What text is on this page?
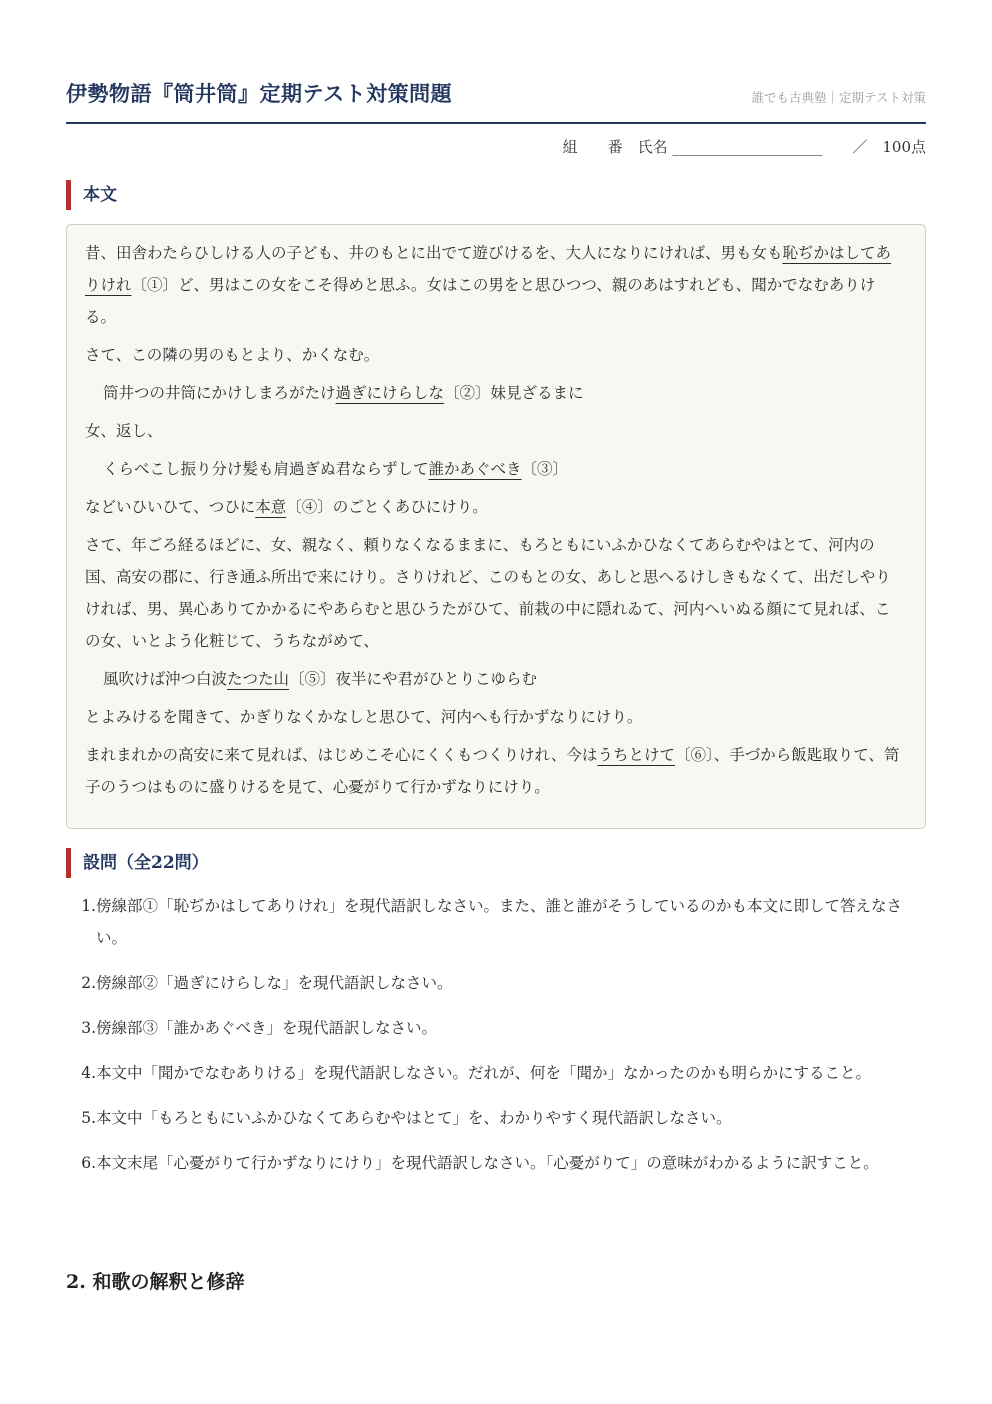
伊勢物語『筒井筒』定期テスト対策問題	誰でも古典塾｜定期テスト対策
組　　番　氏名 ____________________　　／　100点
本文

昔、田舎わたらひしける人の子ども、井のもとに出でて遊びけるを、大人になりにければ、男も女も恥ぢかはしてありけれ〔①〕ど、男はこの女をこそ得めと思ふ。女はこの男をと思ひつつ、親のあはすれども、聞かでなむありける。

さて、この隣の男のもとより、かくなむ。

筒井つの井筒にかけしまろがたけ過ぎにけらしな〔②〕妹見ざるまに

女、返し、

くらべこし振り分け髪も肩過ぎぬ君ならずして誰かあぐべき〔③〕

などいひいひて、つひに本意〔④〕のごとくあひにけり。

さて、年ごろ経るほどに、女、親なく、頼りなくなるままに、もろともにいふかひなくてあらむやはとて、河内の国、高安の郡に、行き通ふ所出で来にけり。さりけれど、このもとの女、あしと思へるけしきもなくて、出だしやりければ、男、異心ありてかかるにやあらむと思ひうたがひて、前栽の中に隠れゐて、河内へいぬる顔にて見れば、この女、いとよう化粧じて、うちながめて、

風吹けば沖つ白波たつた山〔⑤〕夜半にや君がひとりこゆらむ

とよみけるを聞きて、かぎりなくかなしと思ひて、河内へも行かずなりにけり。

まれまれかの高安に来て見れば、はじめこそ心にくくもつくりけれ、今はうちとけて〔⑥〕、手づから飯匙取りて、笥子のうつはものに盛りけるを見て、心憂がりて行かずなりにけり。

設問（全22問）
1. 傍線部①「恥ぢかはしてありけれ」を現代語訳しなさい。また、誰と誰がそうしているのかも本文に即して答えなさい。
2. 傍線部②「過ぎにけらしな」を現代語訳しなさい。
3. 傍線部③「誰かあぐべき」を現代語訳しなさい。
4. 本文中「聞かでなむありける」を現代語訳しなさい。だれが、何を「聞か」なかったのかも明らかにすること。
5. 本文中「もろともにいふかひなくてあらむやはとて」を、わかりやすく現代語訳しなさい。
6. 本文末尾「心憂がりて行かずなりにけり」を現代語訳しなさい。「心憂がりて」の意味がわかるように訳すこと。
2. 和歌の解釈と修辞
